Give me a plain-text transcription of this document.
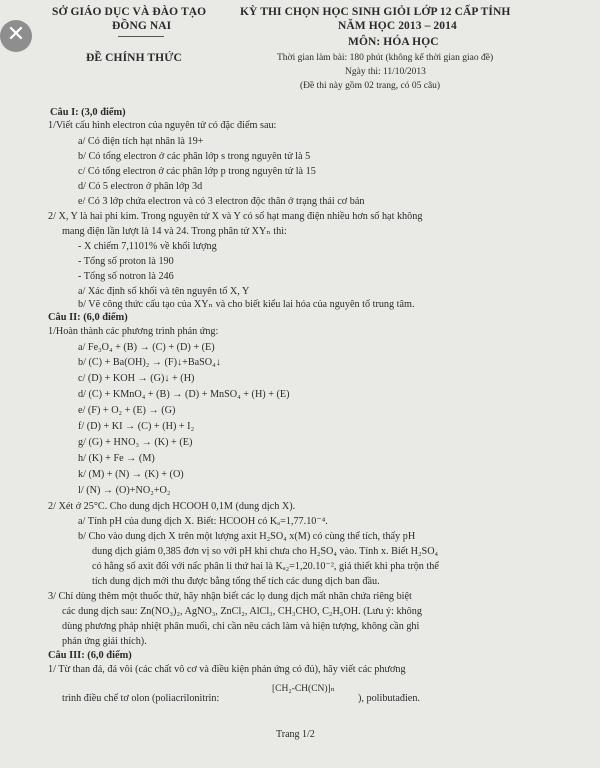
✕
SỞ GIÁO DỤC VÀ ĐÀO TẠO
ĐỒNG NAI
ĐỀ CHÍNH THỨC
KỲ THI CHỌN HỌC SINH GIỎI LỚP 12 CẤP TỈNH
NĂM HỌC 2013 – 2014
MÔN: HÓA HỌC
Thời gian làm bài: 180 phút (không kể thời gian giao đề)
Ngày thi: 11/10/2013
(Đề thi này gồm 02 trang, có 05 câu)
Câu I: (3,0 điểm)
1/Viết cấu hình electron của nguyên tử có đặc điểm sau:
a/ Có điện tích hạt nhân là 19+
b/ Có tổng electron ở các phân lớp s trong nguyên tử là 5
c/ Có tổng electron ở các phân lớp p trong nguyên tử là 15
d/ Có 5 electron ở phân lớp 3d
e/ Có 3 lớp chứa electron và có 3 electron độc thân ở trạng thái cơ bản
2/ X, Y là hai phi kim. Trong nguyên tử X và Y có số hạt mang điện nhiều hơn số hạt không
mang điện lần lượt là 14 và 24. Trong phân tử XYₙ thì:
- X chiếm 7,1101% về khối lượng
- Tổng số proton là 190
- Tổng số notron là 246
a/ Xác định số khối và tên nguyên tố X, Y
b/ Vẽ công thức cấu tạo của XYₙ và cho biết kiểu lai hóa của nguyên tố trung tâm.
Câu II: (6,0 điểm)
1/Hoàn thành các phương trình phản ứng:
a/ Fe₃O₄ + (B) → (C) + (D) + (E)
b/ (C) + Ba(OH)₂ → (F)↓+BaSO₄↓
c/ (D) + KOH → (G)↓ + (H)
d/ (C) + KMnO₄ + (B) → (D) + MnSO₄ + (H) + (E)
e/ (F) + O₂ + (E) → (G)
f/ (D) + KI → (C) + (H) + I₂
g/ (G) + HNO₃ → (K) + (E)
h/ (K) + Fe → (M)
k/ (M) + (N) → (K) + (O)
l/ (N) → (O)+NO₂+O₂
2/ Xét ở 25°C. Cho dung dịch HCOOH 0,1M (dung dịch X).
a/ Tính pH của dung dịch X. Biết: HCOOH có Kₐ=1,77.10⁻⁴.
b/ Cho vào dung dịch X trên một lượng axit H₂SO₄ x(M) có cùng thể tích, thấy pH
dung dịch giảm 0,385 đơn vị so với pH khi chưa cho H₂SO₄ vào. Tính x. Biết H₂SO₄
có hằng số axit đối với nấc phân li thứ hai là Kₐ₂=1,20.10⁻², giả thiết khi pha trộn thể
tích dung dịch mới thu được bằng tổng thể tích các dung dịch ban đầu.
3/ Chỉ dùng thêm một thuốc thử, hãy nhận biết các lọ dung dịch mất nhãn chứa riêng biệt
các dung dịch sau: Zn(NO₃)₂, AgNO₃, ZnCl₂, AlCl₃, CH₃CHO, C₂H₅OH. (Lưu ý: không
dùng phương pháp nhiệt phân muối, chỉ cần nêu cách làm và hiện tượng, không cần ghi
phản ứng giải thích).
Câu III: (6,0 điểm)
1/ Từ than đá, đá vôi (các chất vô cơ và điều kiện phản ứng có đủ), hãy viết các phương
[CH₂-CH(CN)]ₙ
trình điều chế tơ olon (poliacrilonitrin:	), polibutađien.
Trang 1/2
